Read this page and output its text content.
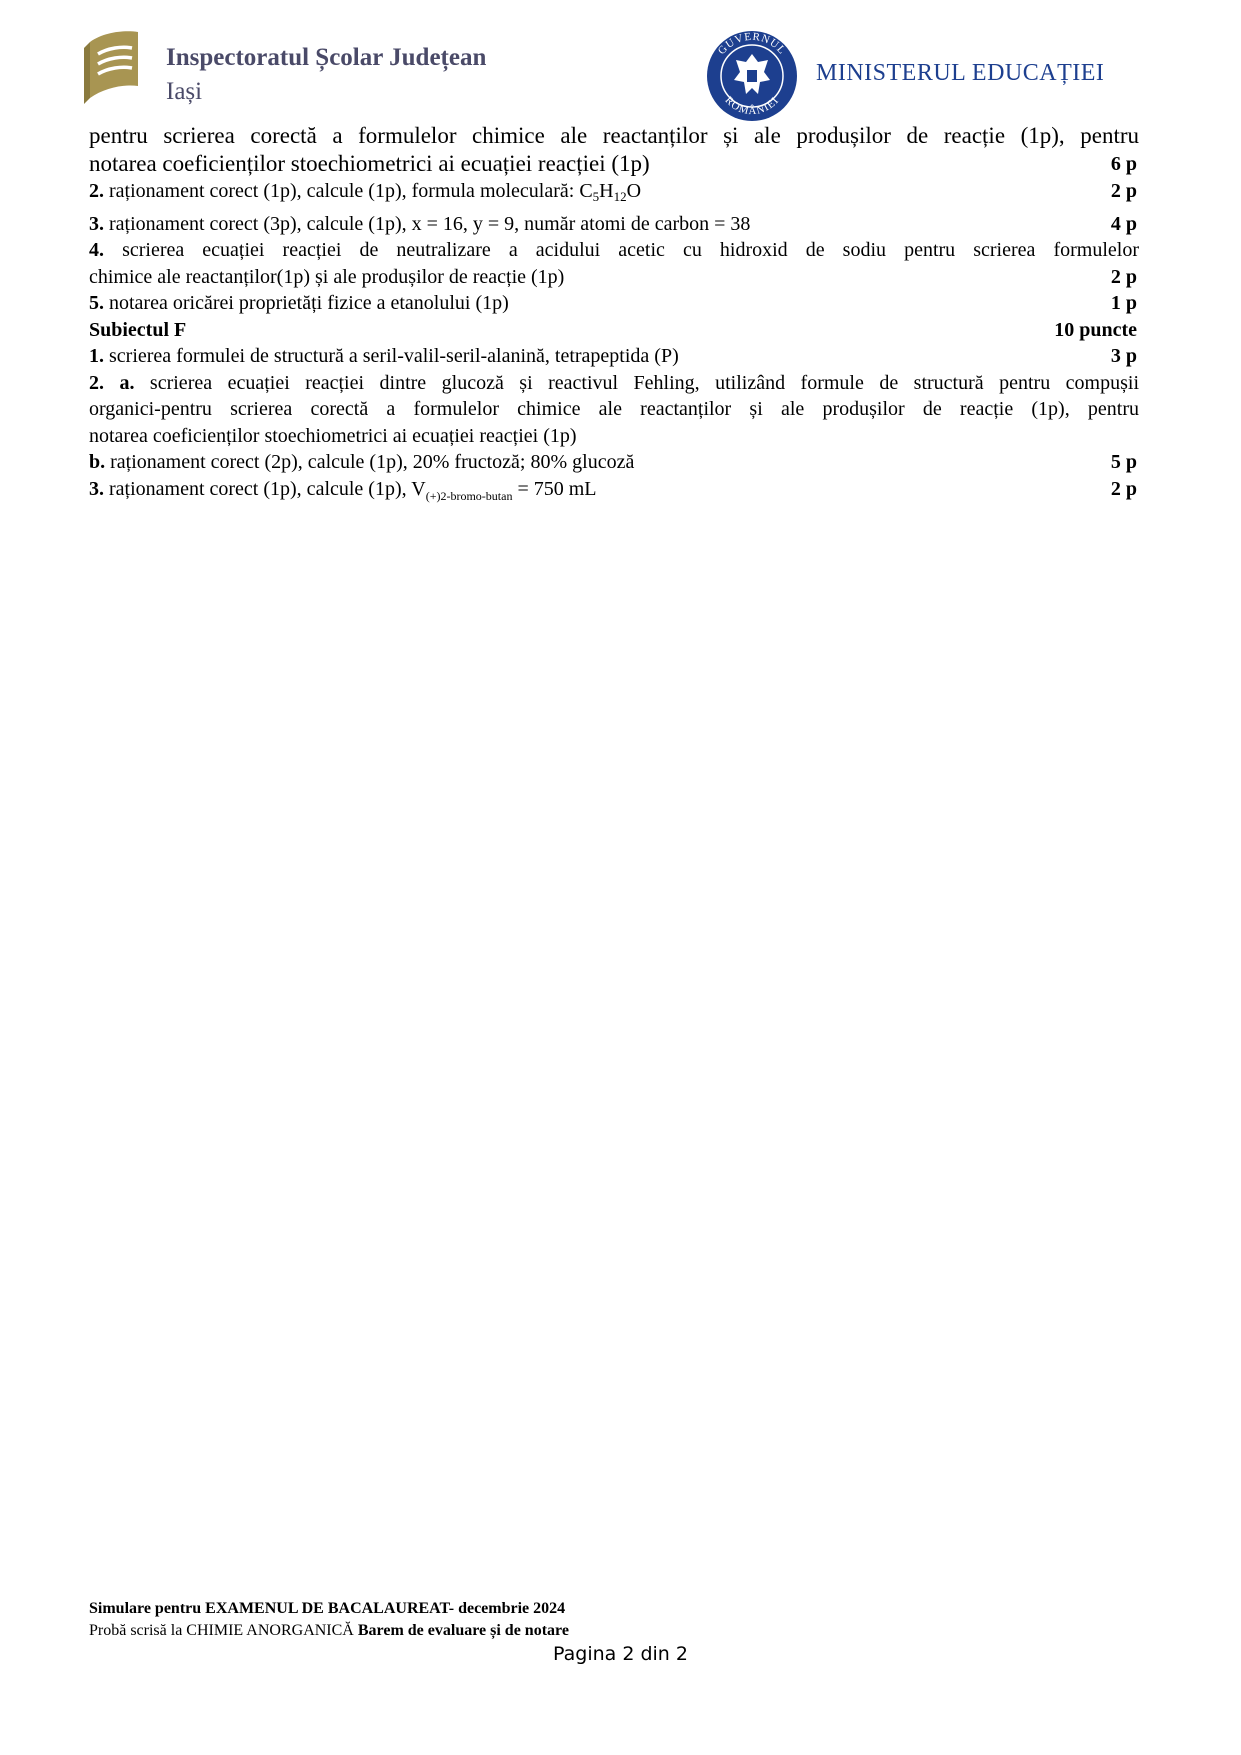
Inspectoratul Școlar Județean
Iași
GUVERNUL
ROMÂNIEI
MINISTERUL EDUCAȚIEI
pentru scrierea corectă a formulelor chimice ale reactanților și ale produșilor de reacție (1p), pentru
notarea coeficienților stoechiometrici ai ecuației reacției (1p)	6 p
2. raționament corect (1p), calcule (1p), formula moleculară: $C_5H_{12}O$	2 p
3. raționament corect (3p), calcule (1p), x = 16, y = 9, număr atomi de carbon = 38	4 p
4. scrierea ecuației reacției de neutralizare a acidului acetic cu hidroxid de sodiu pentru scrierea formulelor
chimice ale reactanților(1p) și ale produșilor de reacție (1p)	2 p
5. notarea oricărei proprietăți fizice a etanolului (1p)	1 p
Subiectul F	10 puncte
1. scrierea formulei de structură a seril-valil-seril-alanină, tetrapeptida (P)	3 p
2. a. scrierea ecuației reacției dintre glucoză și reactivul Fehling, utilizând formule de structură pentru compușii
organici-pentru scrierea corectă a formulelor chimice ale reactanților și ale produșilor de reacție (1p), pentru
notarea coeficienților stoechiometrici ai ecuației reacției (1p)
b. raționament corect (2p), calcule (1p), 20% fructoză; 80% glucoză	5 p
3. raționament corect (1p), calcule (1p), $V_{(+)2-bromo-butan} = 750$ mL	2 p
Simulare pentru EXAMENUL DE BACALAUREAT- decembrie 2024
Probă scrisă la CHIMIE ANORGANICĂ Barem de evaluare și de notare
Pagina 2 din 2
